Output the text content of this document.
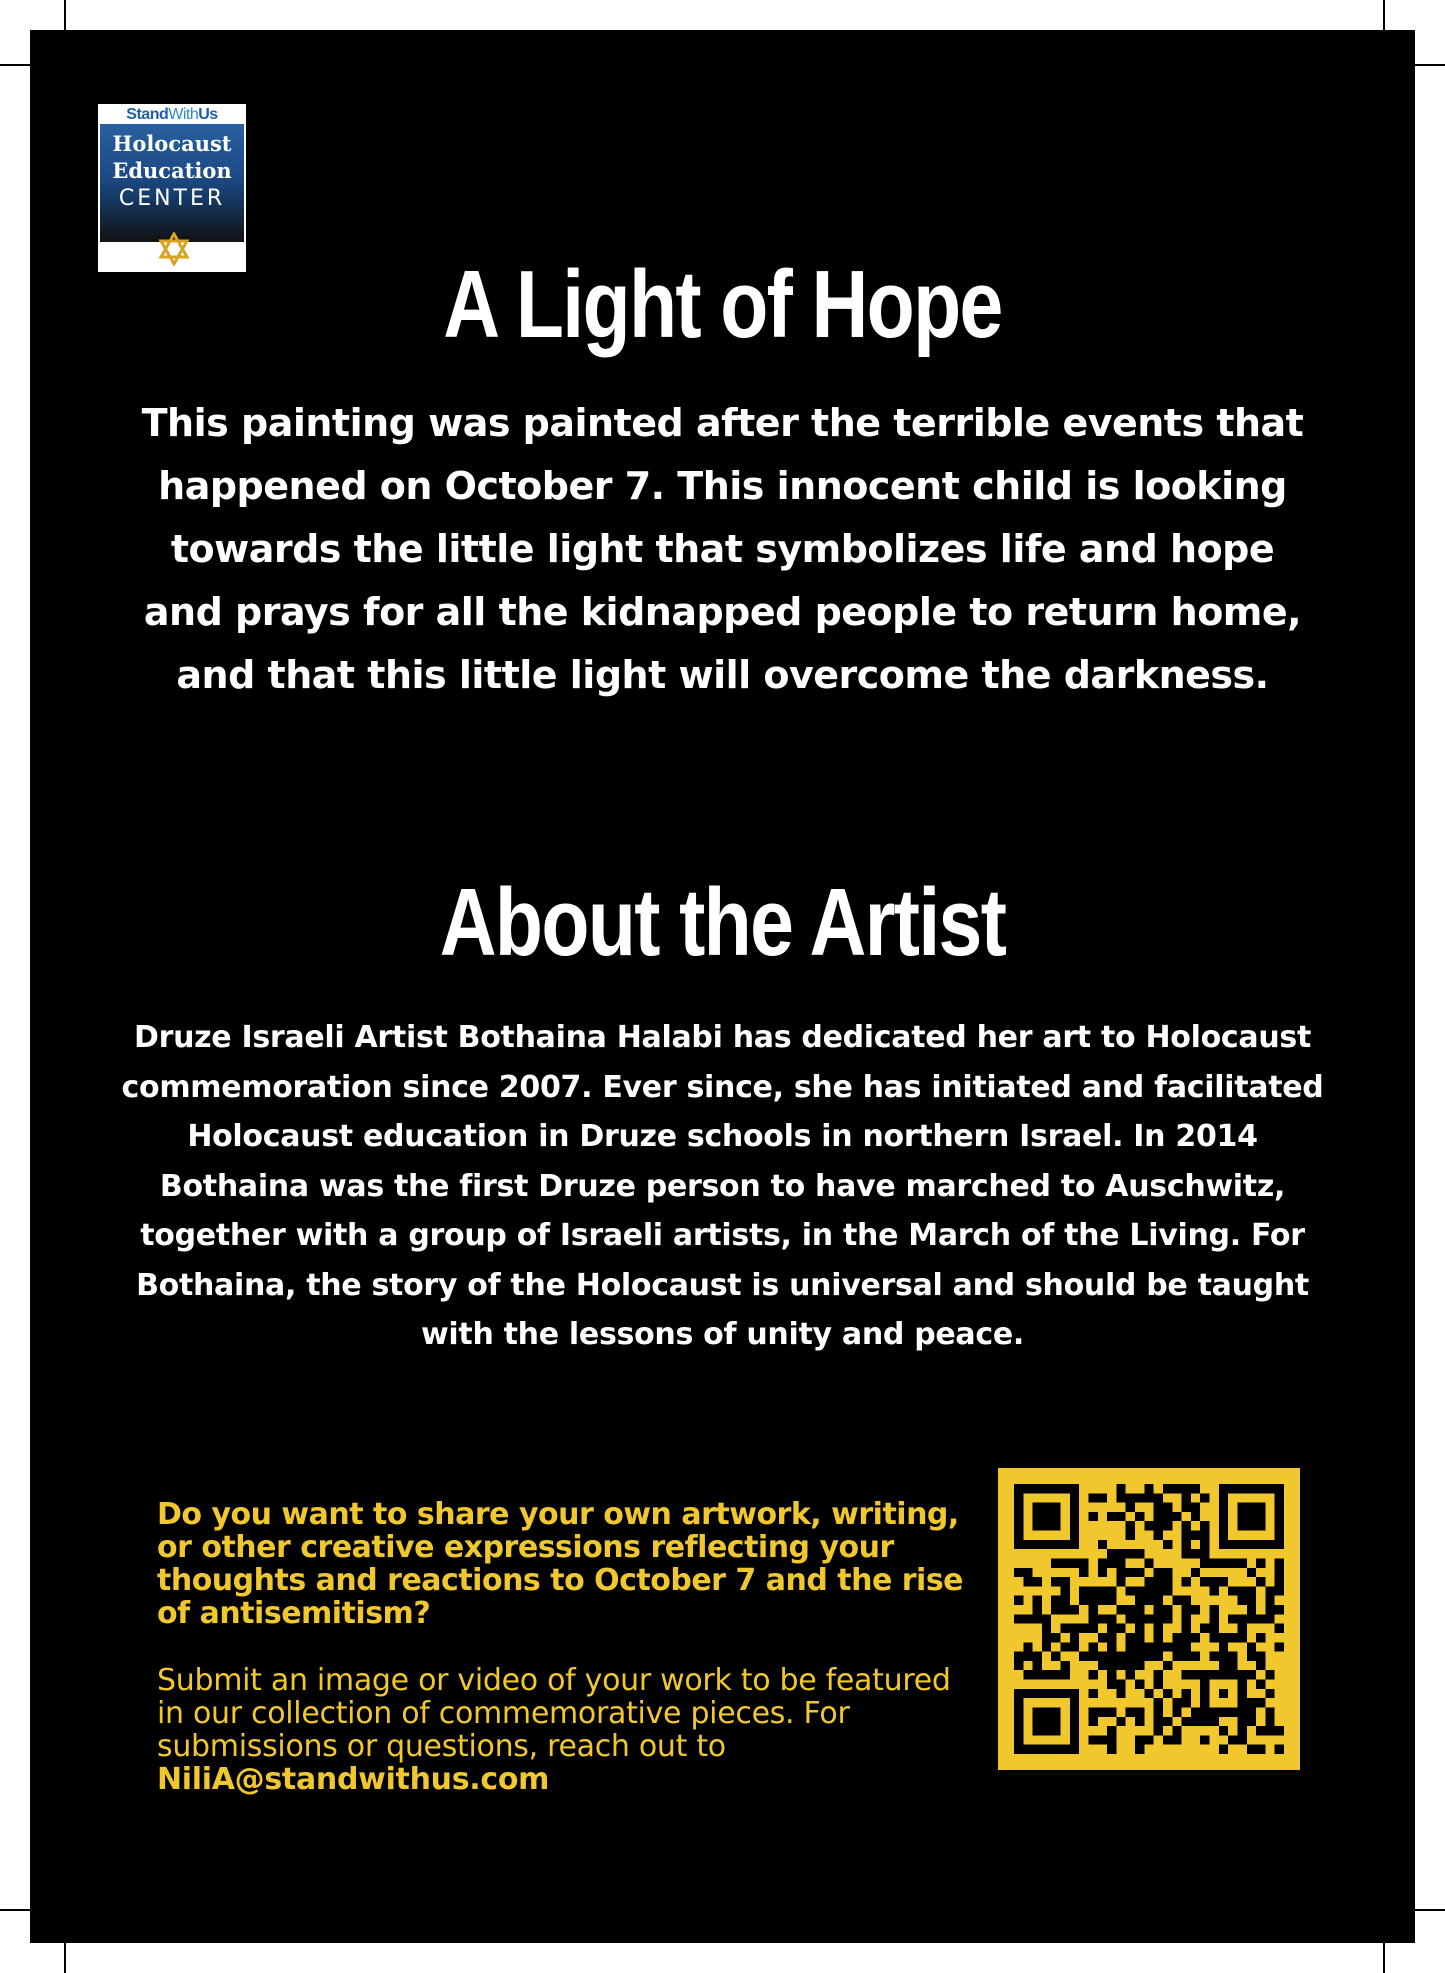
StandWithUs
Holocaust
Education
CENTER
A Light of Hope
This painting was painted after the terrible events that happened on October 7. This innocent child is looking towards the little light that symbolizes life and hope and prays for all the kidnapped people to return home, and that this little light will overcome the darkness.
About the Artist
Druze Israeli Artist Bothaina Halabi has dedicated her art to Holocaust commemoration since 2007. Ever since, she has initiated and facilitated Holocaust education in Druze schools in northern Israel. In 2014 Bothaina was the first Druze person to have marched to Auschwitz, together with a group of Israeli artists, in the March of the Living. For Bothaina, the story of the Holocaust is universal and should be taught with the lessons of unity and peace.
Do you want to share your own artwork, writing, or other creative expressions reflecting your thoughts and reactions to October 7 and the rise of antisemitism?
Submit an image or video of your work to be featured in our collection of commemorative pieces. For submissions or questions, reach out to NiliA@standwithus.com
